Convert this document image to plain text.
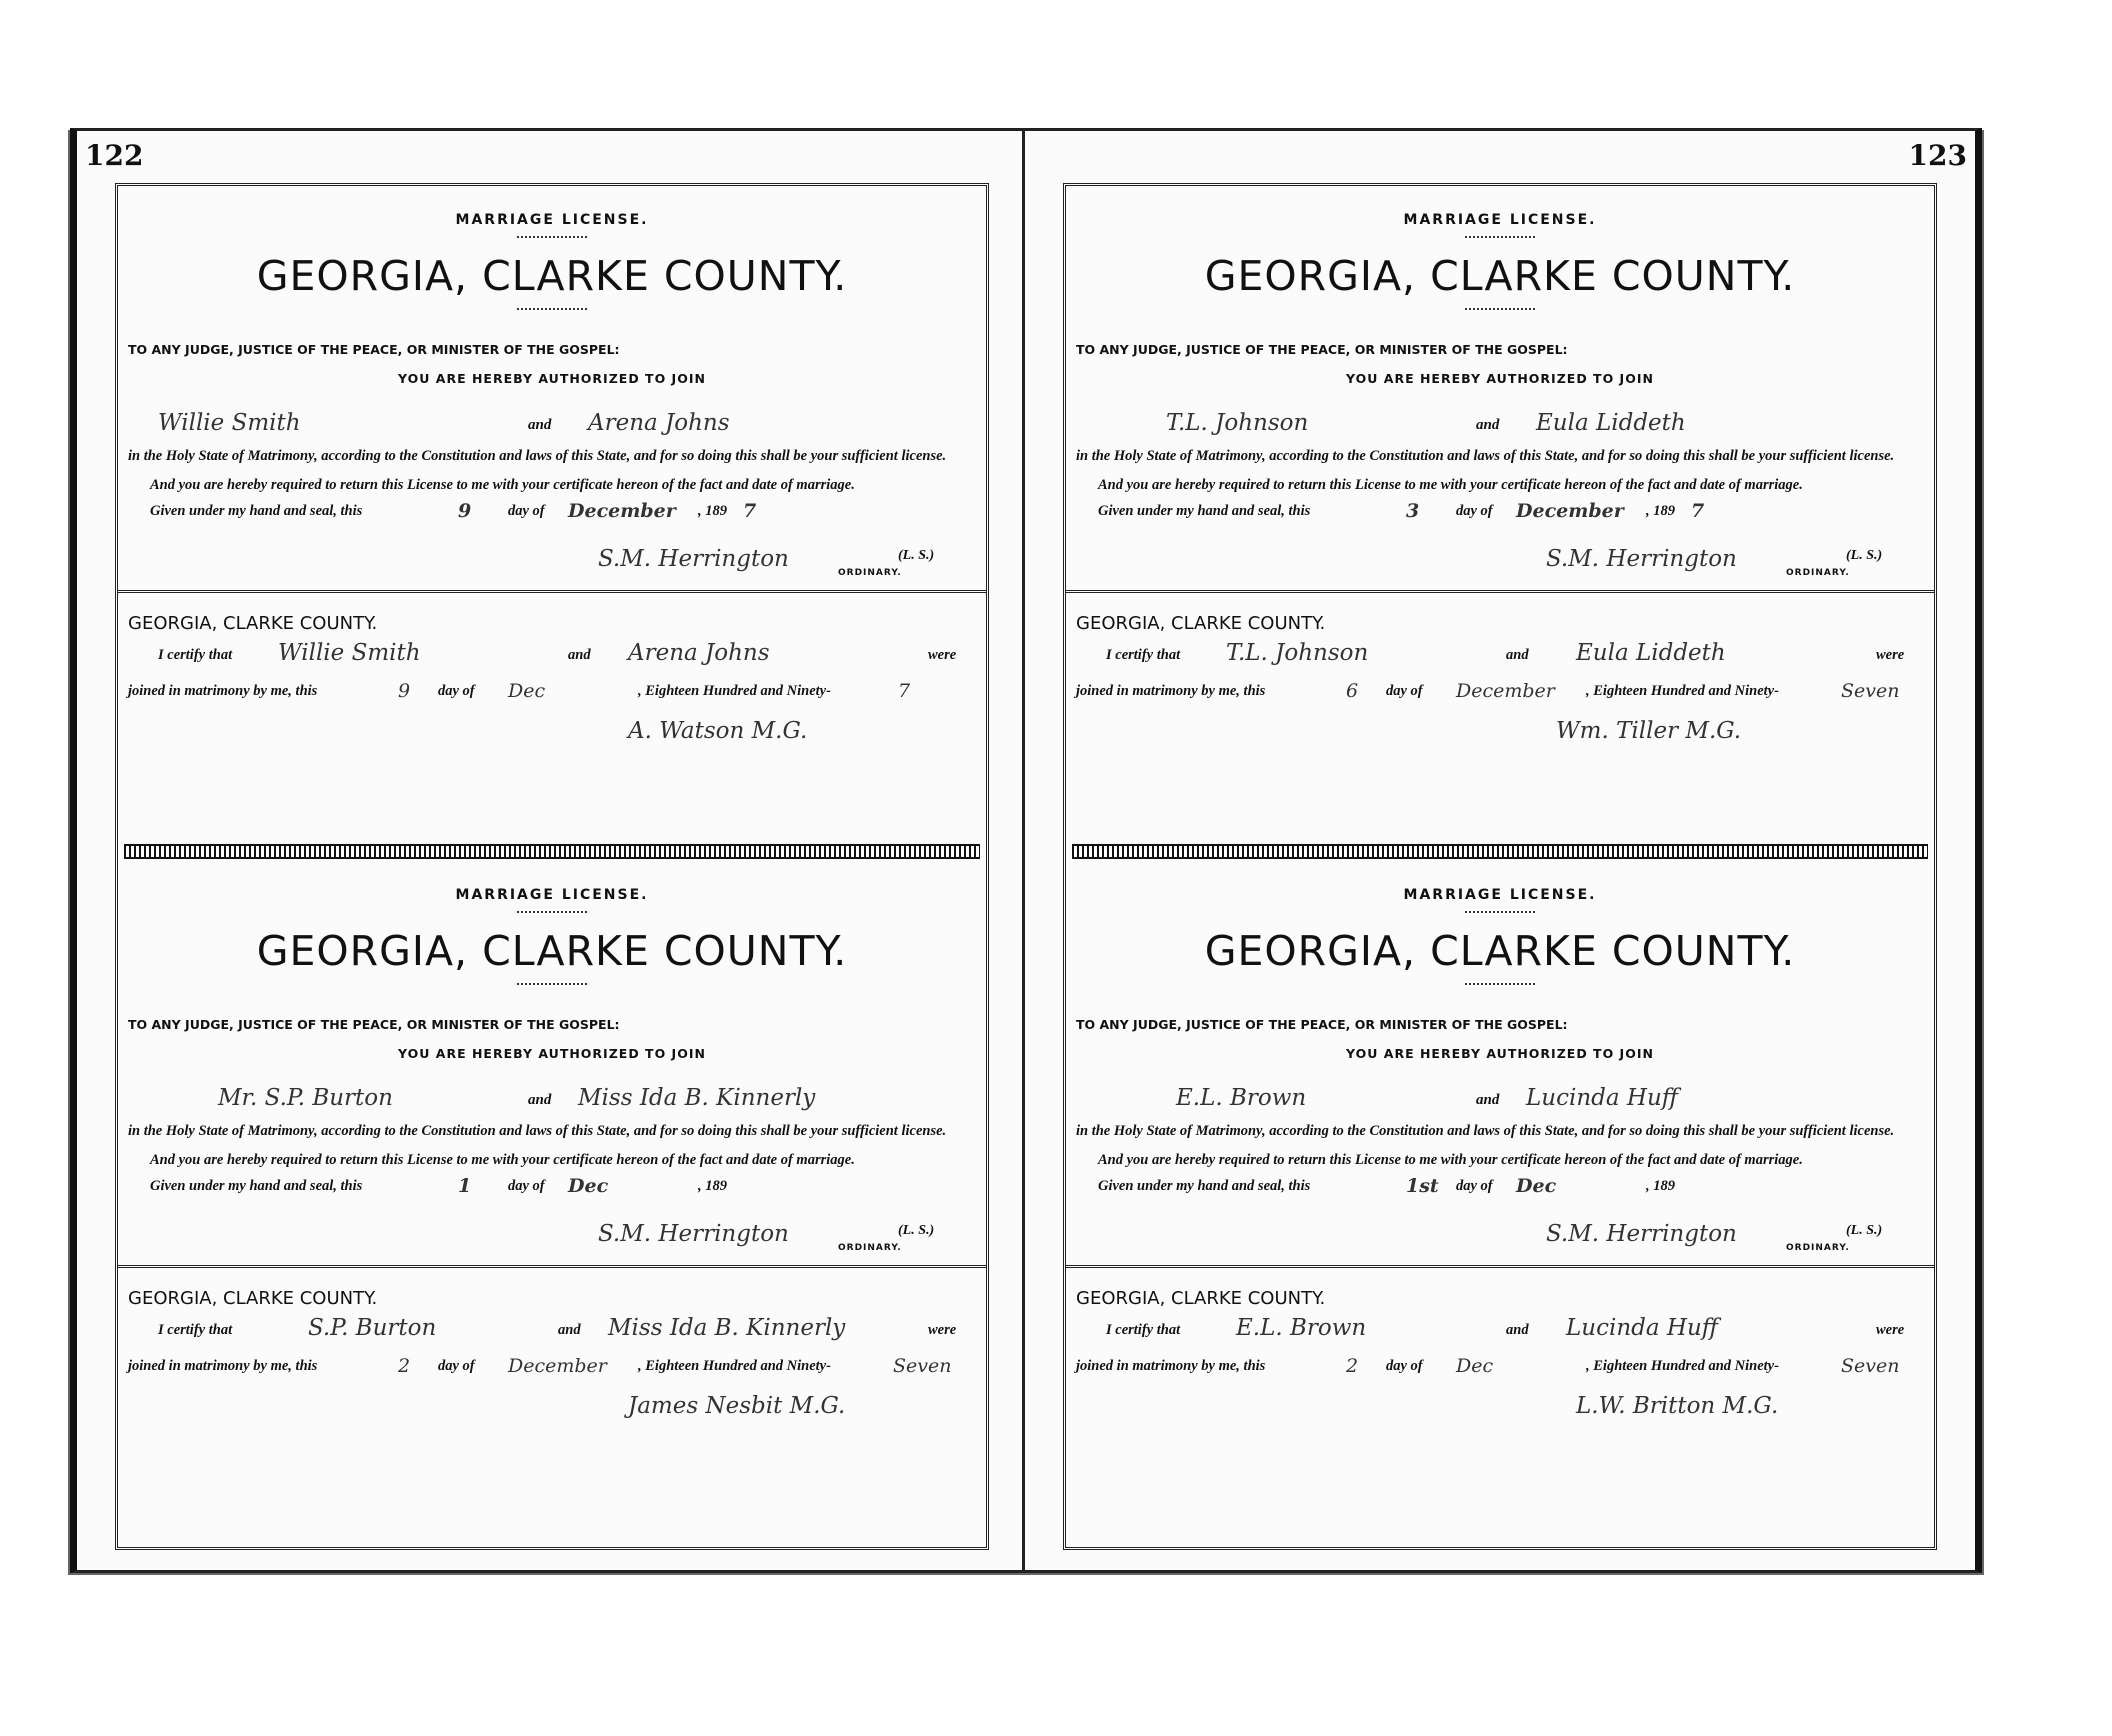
122
MARRIAGE LICENSE.
GEORGIA, CLARKE COUNTY.
TO ANY JUDGE, JUSTICE OF THE PEACE, OR MINISTER OF THE GOSPEL:
YOU ARE HEREBY AUTHORIZED TO JOIN
Willie Smith	and Arena Johns

in the Holy State of Matrimony, according to the Constitution and laws of this State, and for so doing this shall be your sufficient license.

And you are hereby required to return this License to me with your certificate hereon of the fact and date of marriage.

Given under my hand and seal, this	9	day of December , 189 7
S.M. Herrington	(L. S.)
ORDINARY.
GEORGIA, CLARKE COUNTY.
I certify that Willie Smith	and Arena Johns	were
joined in matrimony by me, this	9 day of Dec	, Eighteen Hundred and Ninety-	7
A. Watson M.G.
MARRIAGE LICENSE.
GEORGIA, CLARKE COUNTY.
TO ANY JUDGE, JUSTICE OF THE PEACE, OR MINISTER OF THE GOSPEL:
YOU ARE HEREBY AUTHORIZED TO JOIN
Mr. S.P. Burton	and Miss Ida B. Kinnerly

in the Holy State of Matrimony, according to the Constitution and laws of this State, and for so doing this shall be your sufficient license.

And you are hereby required to return this License to me with your certificate hereon of the fact and date of marriage.

Given under my hand and seal, this	1	day of Dec	, 189
S.M. Herrington	(L. S.)
ORDINARY.
GEORGIA, CLARKE COUNTY.
I certify that	S.P. Burton	and Miss Ida B. Kinnerly	were
joined in matrimony by me, this	2 day of December , Eighteen Hundred and Ninety-	Seven
James Nesbit M.G.
123
MARRIAGE LICENSE.
GEORGIA, CLARKE COUNTY.
TO ANY JUDGE, JUSTICE OF THE PEACE, OR MINISTER OF THE GOSPEL:
YOU ARE HEREBY AUTHORIZED TO JOIN
T.L. Johnson	and Eula Liddeth

in the Holy State of Matrimony, according to the Constitution and laws of this State, and for so doing this shall be your sufficient license.

And you are hereby required to return this License to me with your certificate hereon of the fact and date of marriage.

Given under my hand and seal, this	3	day of December , 189 7
S.M. Herrington	(L. S.)
ORDINARY.
GEORGIA, CLARKE COUNTY.
I certify that T.L. Johnson	and Eula Liddeth	were
joined in matrimony by me, this	6 day of December , Eighteen Hundred and Ninety-	Seven
Wm. Tiller M.G.
MARRIAGE LICENSE.
GEORGIA, CLARKE COUNTY.
TO ANY JUDGE, JUSTICE OF THE PEACE, OR MINISTER OF THE GOSPEL:
YOU ARE HEREBY AUTHORIZED TO JOIN
E.L. Brown	and Lucinda Huff

in the Holy State of Matrimony, according to the Constitution and laws of this State, and for so doing this shall be your sufficient license.

And you are hereby required to return this License to me with your certificate hereon of the fact and date of marriage.

Given under my hand and seal, this	1st day of Dec	, 189
S.M. Herrington	(L. S.)
ORDINARY.
GEORGIA, CLARKE COUNTY.
I certify that E.L. Brown	and Lucinda Huff	were
joined in matrimony by me, this	2 day of Dec	, Eighteen Hundred and Ninety-	Seven
L.W. Britton M.G.
